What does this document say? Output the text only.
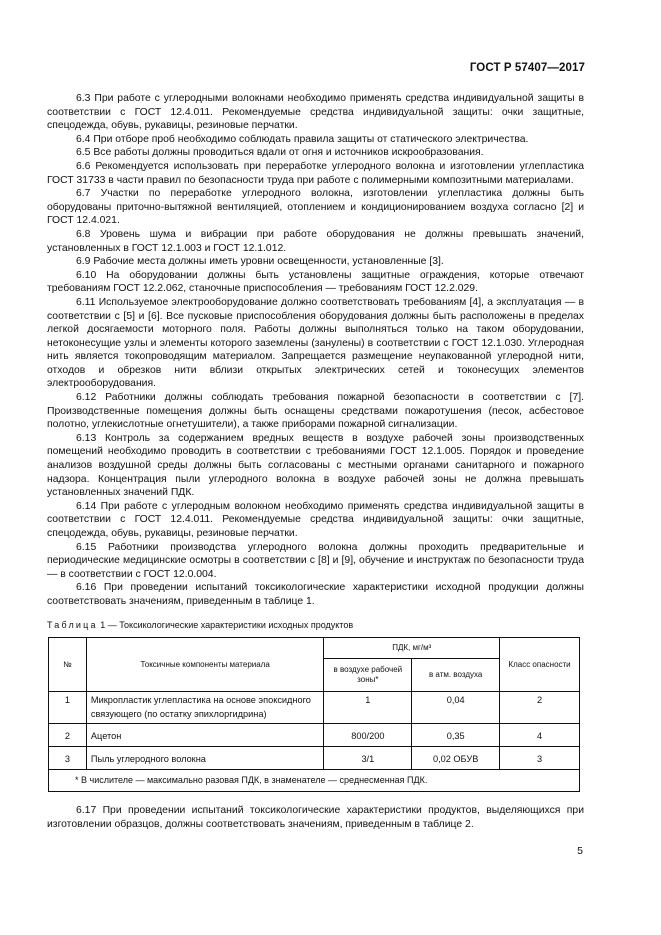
ГОСТ Р 57407—2017

6.3 При работе с углеродными волокнами необходимо применять средства индивидуальной защиты в соответствии с ГОСТ 12.4.011. Рекомендуемые средства индивидуальной защиты: очки защитные, спецодежда, обувь, рукавицы, резиновые перчатки.

6.4 При отборе проб необходимо соблюдать правила защиты от статического электричества.

6.5 Все работы должны проводиться вдали от огня и источников искрообразования.

6.6 Рекомендуется использовать при переработке углеродного волокна и изготовлении углепластика ГОСТ 31733 в части правил по безопасности труда при работе с полимерными композитными материалами.

6.7 Участки по переработке углеродного волокна, изготовлении углепластика должны быть оборудованы приточно-вытяжной вентиляцией, отоплением и кондиционированием воздуха согласно [2] и ГОСТ 12.4.021.

6.8 Уровень шума и вибрации при работе оборудования не должны превышать значений, установленных в ГОСТ 12.1.003 и ГОСТ 12.1.012.

6.9 Рабочие места должны иметь уровни освещенности, установленные [3].

6.10 На оборудовании должны быть установлены защитные ограждения, которые отвечают требованиям ГОСТ 12.2.062, станочные приспособления — требованиям ГОСТ 12.2.029.

6.11 Используемое электрооборудование должно соответствовать требованиям [4], а эксплуатация — в соответствии с [5] и [6]. Все пусковые приспособления оборудования должны быть расположены в пределах легкой досягаемости моторного поля. Работы должны выполняться только на таком оборудовании, нетоконесущие узлы и элементы которого заземлены (занулены) в соответствии с ГОСТ 12.1.030. Углеродная нить является токопроводящим материалом. Запрещается размещение неупакованной углеродной нити, отходов и обрезков нити вблизи открытых электрических сетей и токонесущих элементов электрооборудования.

6.12 Работники должны соблюдать требования пожарной безопасности в соответствии с [7]. Производственные помещения должны быть оснащены средствами пожаротушения (песок, асбестовое полотно, углекислотные огнетушители), а также приборами пожарной сигнализации.

6.13 Контроль за содержанием вредных веществ в воздухе рабочей зоны производственных помещений необходимо проводить в соответствии с требованиями ГОСТ 12.1.005. Порядок и проведение анализов воздушной среды должны быть согласованы с местными органами санитарного и пожарного надзора. Концентрация пыли углеродного волокна в воздухе рабочей зоны не должна превышать установленных значений ПДК.

6.14 При работе с углеродным волокном необходимо применять средства индивидуальной защиты в соответствии с ГОСТ 12.4.011. Рекомендуемые средства индивидуальной защиты: очки защитные, спецодежда, обувь, рукавицы, резиновые перчатки.

6.15 Работники производства углеродного волокна должны проходить предварительные и периодические медицинские осмотры в соответствии с [8] и [9], обучение и инструктаж по безопасности труда — в соответствии с ГОСТ 12.0.004.

6.16 При проведении испытаний токсикологические характеристики исходной продукции должны соответствовать значениям, приведенным в таблице 1.

Таблица 1 — Токсикологические характеристики исходных продуктов
№	Токсичные компоненты материала	ПДК, мг/м³		Класс опасности
		в воздухе рабочей зоны*	в атм. воздуха	
1	Микропластик углепластика на основе эпоксидного связующего (по остатку эпихлоргидрина)	1	0,04	2
2	Ацетон	800/200	0,35	4
3	Пыль углеродного волокна	3/1	0,02 ОБУВ	3
* В числителе — максимально разовая ПДК, в знаменателе — среднесменная ПДК.				

6.17 При проведении испытаний токсикологические характеристики продуктов, выделяющихся при изготовлении образцов, должны соответствовать значениям, приведенным в таблице 2.

5
